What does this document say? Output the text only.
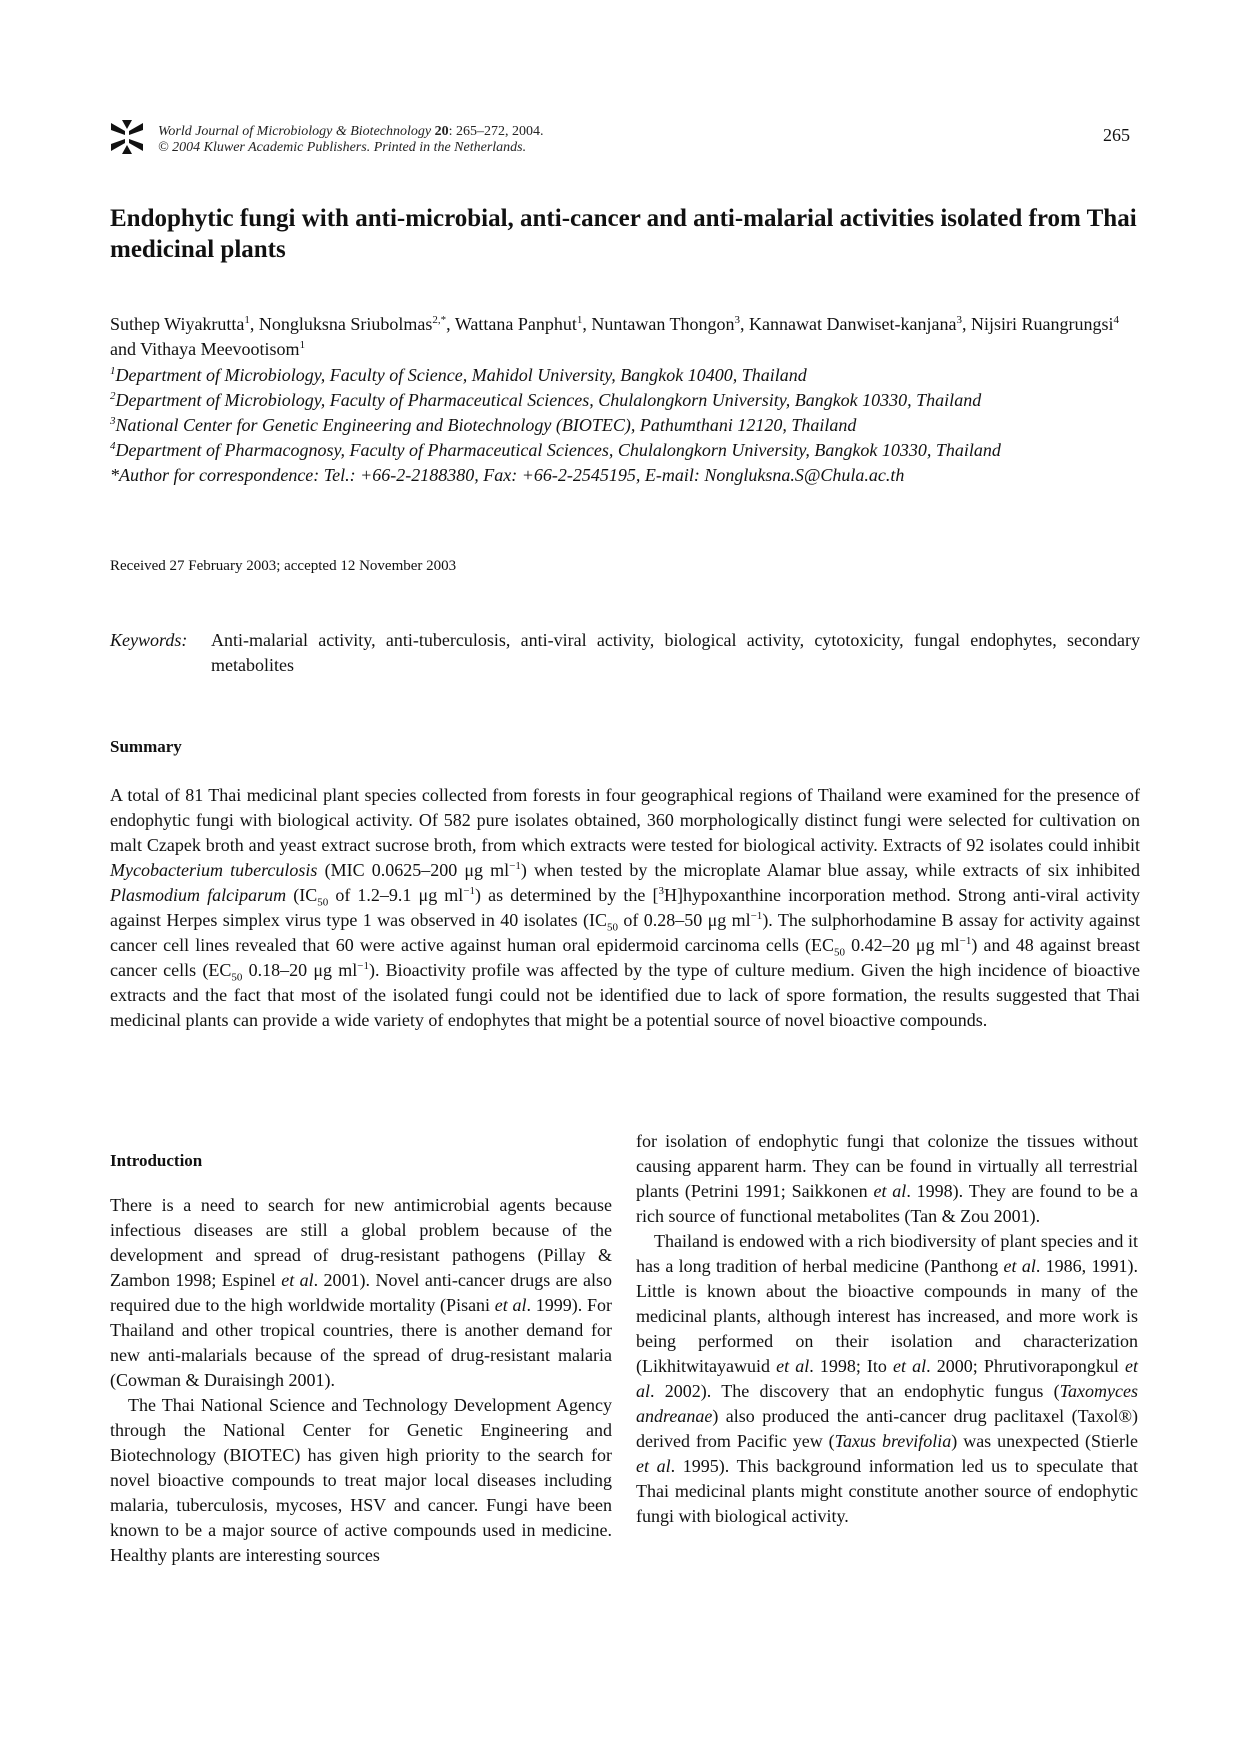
World Journal of Microbiology & Biotechnology 20: 265–272, 2004.
© 2004 Kluwer Academic Publishers. Printed in the Netherlands.
265
Endophytic fungi with anti-microbial, anti-cancer and anti-malarial activities isolated from Thai medicinal plants
Suthep Wiyakrutta$^1$, Nongluksna Sriubolmas$^{2,*}$, Wattana Panphut$^1$, Nuntawan Thongon$^3$, Kannawat Danwiset-kanjana$^3$, Nijsiri Ruangrungsi$^4$ and Vithaya Meevootisom$^1$
$^1$Department of Microbiology, Faculty of Science, Mahidol University, Bangkok 10400, Thailand
$^2$Department of Microbiology, Faculty of Pharmaceutical Sciences, Chulalongkorn University, Bangkok 10330, Thailand
$^3$National Center for Genetic Engineering and Biotechnology (BIOTEC), Pathumthani 12120, Thailand
$^4$Department of Pharmacognosy, Faculty of Pharmaceutical Sciences, Chulalongkorn University, Bangkok 10330, Thailand
*Author for correspondence: Tel.: +66-2-2188380, Fax: +66-2-2545195, E-mail: Nongluksna.S@Chula.ac.th
Received 27 February 2003; accepted 12 November 2003
Keywords:	Anti-malarial activity, anti-tuberculosis, anti-viral activity, biological activity, cytotoxicity, fungal endophytes, secondary metabolites
Summary

A total of 81 Thai medicinal plant species collected from forests in four geographical regions of Thailand were examined for the presence of endophytic fungi with biological activity. Of 582 pure isolates obtained, 360 morphologically distinct fungi were selected for cultivation on malt Czapek broth and yeast extract sucrose broth, from which extracts were tested for biological activity. Extracts of 92 isolates could inhibit Mycobacterium tuberculosis (MIC 0.0625–200 μg $ml^{-1}$) when tested by the microplate Alamar blue assay, while extracts of six inhibited Plasmodium falciparum ($IC_{50}$ of 1.2–9.1 μg $ml^{-1}$) as determined by the [$^3$H]hypoxanthine incorporation method. Strong anti-viral activity against Herpes simplex virus type 1 was observed in 40 isolates ($IC_{50}$ of 0.28–50 μg $ml^{-1}$). The sulphorhodamine B assay for activity against cancer cell lines revealed that 60 were active against human oral epidermoid carcinoma cells ($EC_{50}$ 0.42–20 μg $ml^{-1}$) and 48 against breast cancer cells ($EC_{50}$ 0.18–20 μg $ml^{-1}$). Bioactivity profile was affected by the type of culture medium. Given the high incidence of bioactive extracts and the fact that most of the isolated fungi could not be identified due to lack of spore formation, the results suggested that Thai medicinal plants can provide a wide variety of endophytes that might be a potential source of novel bioactive compounds.

Introduction

There is a need to search for new antimicrobial agents because infectious diseases are still a global problem because of the development and spread of drug-resistant pathogens (Pillay & Zambon 1998; Espinel et al. 2001). Novel anti-cancer drugs are also required due to the high worldwide mortality (Pisani et al. 1999). For Thailand and other tropical countries, there is another demand for new anti-malarials because of the spread of drug-resistant malaria (Cowman & Duraisingh 2001).

The Thai National Science and Technology Development Agency through the National Center for Genetic Engineering and Biotechnology (BIOTEC) has given high priority to the search for novel bioactive compounds to treat major local diseases including malaria, tuberculosis, mycoses, HSV and cancer. Fungi have been known to be a major source of active compounds used in medicine. Healthy plants are interesting sources

for isolation of endophytic fungi that colonize the tissues without causing apparent harm. They can be found in virtually all terrestrial plants (Petrini 1991; Saikkonen et al. 1998). They are found to be a rich source of functional metabolites (Tan & Zou 2001).

Thailand is endowed with a rich biodiversity of plant species and it has a long tradition of herbal medicine (Panthong et al. 1986, 1991). Little is known about the bioactive compounds in many of the medicinal plants, although interest has increased, and more work is being performed on their isolation and characterization (Likhitwitayawuid et al. 1998; Ito et al. 2000; Phrutivorapongkul et al. 2002). The discovery that an endophytic fungus (Taxomyces andreanae) also produced the anti-cancer drug paclitaxel (Taxol®) derived from Pacific yew (Taxus brevifolia) was unexpected (Stierle et al. 1995). This background information led us to speculate that Thai medicinal plants might constitute another source of endophytic fungi with biological activity.
